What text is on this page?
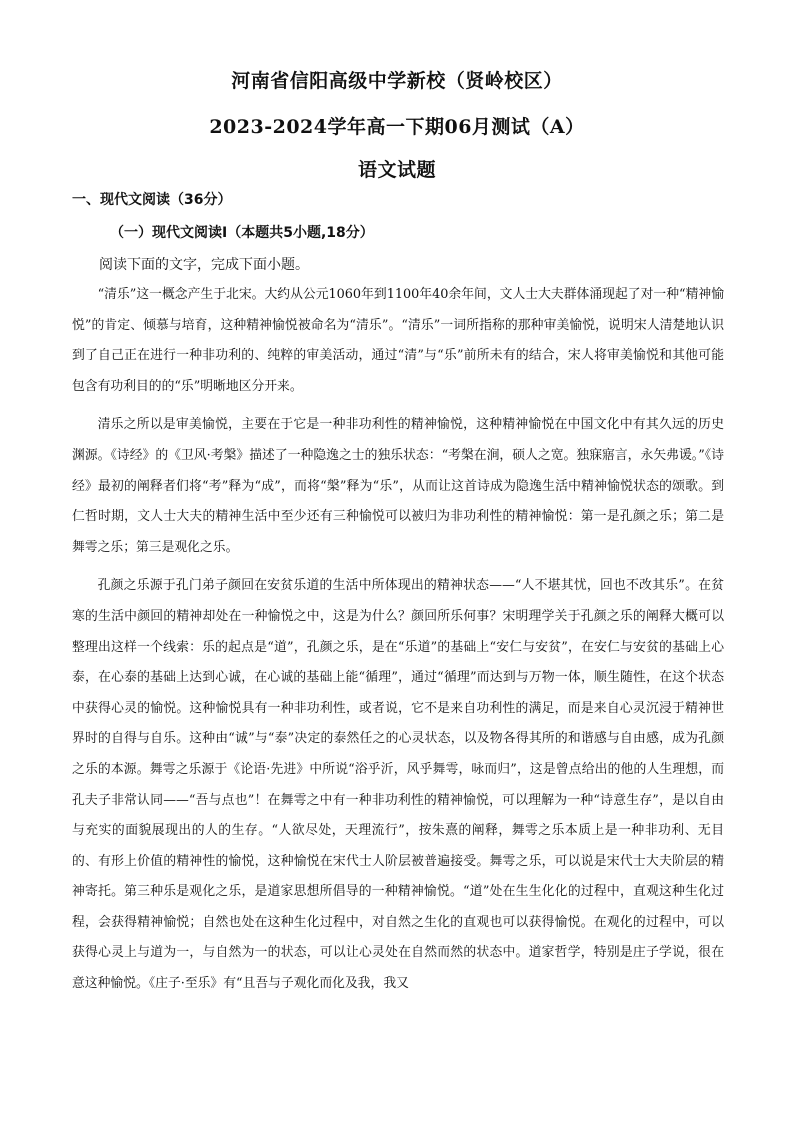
河南省信阳高级中学新校（贤岭校区）
2023-2024学年高一下期06月测试（A）
语文试题
一、现代文阅读（36分）
（一）现代文阅读Ⅰ（本题共5小题,18分）
阅读下面的文字，完成下面小题。

“清乐”这一概念产生于北宋。大约从公元1060年到1100年40余年间，文人士大夫群体涌现起了对一种“精神愉悦”的肯定、倾慕与培育，这种精神愉悦被命名为“清乐”。“清乐”一词所指称的那种审美愉悦，说明宋人清楚地认识到了自己正在进行一种非功利的、纯粹的审美活动，通过“清”与“乐”前所未有的结合，宋人将审美愉悦和其他可能包含有功利目的的“乐”明晰地区分开来。

清乐之所以是审美愉悦，主要在于它是一种非功利性的精神愉悦，这种精神愉悦在中国文化中有其久远的历史渊源。《诗经》的《卫风·考槃》描述了一种隐逸之士的独乐状态：“考槃在涧，硕人之宽。独寐寤言，永矢弗谖。”《诗经》最初的阐释者们将“考”释为“成”，而将“槃”释为“乐”，从而让这首诗成为隐逸生活中精神愉悦状态的颂歌。到仁哲时期，文人士大夫的精神生活中至少还有三种愉悦可以被归为非功利性的精神愉悦：第一是孔颜之乐；第二是舞雩之乐；第三是观化之乐。

孔颜之乐源于孔门弟子颜回在安贫乐道的生活中所体现出的精神状态——“人不堪其忧，回也不改其乐”。在贫寒的生活中颜回的精神却处在一种愉悦之中，这是为什么？颜回所乐何事？宋明理学关于孔颜之乐的阐释大概可以整理出这样一个线索：乐的起点是“道”，孔颜之乐，是在“乐道”的基础上“安仁与安贫”，在安仁与安贫的基础上心泰，在心泰的基础上达到心诚，在心诚的基础上能“循理”，通过“循理”而达到与万物一体，顺生随性，在这个状态中获得心灵的愉悦。这种愉悦具有一种非功利性，或者说，它不是来自功利性的满足，而是来自心灵沉浸于精神世界时的自得与自乐。这种由“诚”与“泰”决定的泰然任之的心灵状态，以及物各得其所的和谐感与自由感，成为孔颜之乐的本源。舞雩之乐源于《论语·先进》中所说“浴乎沂，风乎舞雩，咏而归”，这是曾点给出的他的人生理想，而孔夫子非常认同——“吾与点也”！在舞雩之中有一种非功利性的精神愉悦，可以理解为一种“诗意生存”，是以自由与充实的面貌展现出的人的生存。“人欲尽处，天理流行”，按朱熹的阐释，舞雩之乐本质上是一种非功利、无目的、有形上价值的精神性的愉悦，这种愉悦在宋代士人阶层被普遍接受。舞雩之乐，可以说是宋代士大夫阶层的精神寄托。第三种乐是观化之乐，是道家思想所倡导的一种精神愉悦。“道”处在生生化化的过程中，直观这种生化过程，会获得精神愉悦；自然也处在这种生化过程中，对自然之生化的直观也可以获得愉悦。在观化的过程中，可以获得心灵上与道为一，与自然为一的状态，可以让心灵处在自然而然的状态中。道家哲学，特别是庄子学说，很在意这种愉悦。《庄子·至乐》有“且吾与子观化而化及我，我又
